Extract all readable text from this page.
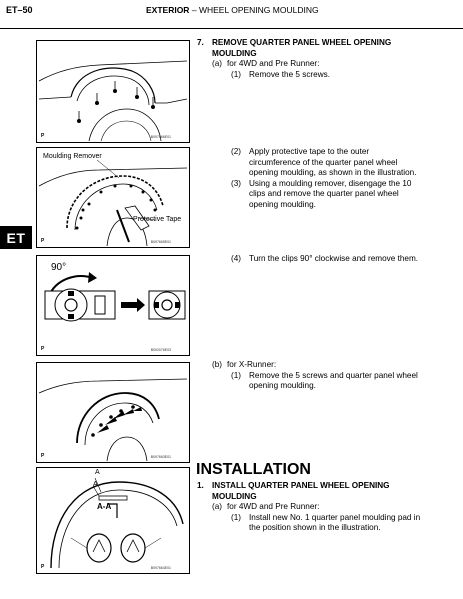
ET–50	EXTERIOR – WHEEL OPENING MOULDING
ET
P	B097666E01
Moulding Remover
Protective Tape
P	B097665E01
90°
P	B092076E03
P	B097663E01
A
A
A-A
P	B097664E01
7. REMOVE QUARTER PANEL WHEEL OPENING
MOULDING
(a) for 4WD and Pre Runner:
(1) Remove the 5 screws.
(2) Apply protective tape to the outer
circumference of the quarter panel wheel
opening moulding, as shown in the illustration.
(3) Using a moulding remover, disengage the 10
clips and remove the quarter panel wheel
opening moulding.
(4) Turn the clips 90° clockwise and remove them.
(b) for X-Runner:
(1) Remove the 5 screws and quarter panel wheel
opening moulding.
INSTALLATION
1. INSTALL QUARTER PANEL WHEEL OPENING
MOULDING
(a) for 4WD and Pre Runner:
(1) Install new No. 1 quarter panel moulding pad in
the position shown in the illustration.
